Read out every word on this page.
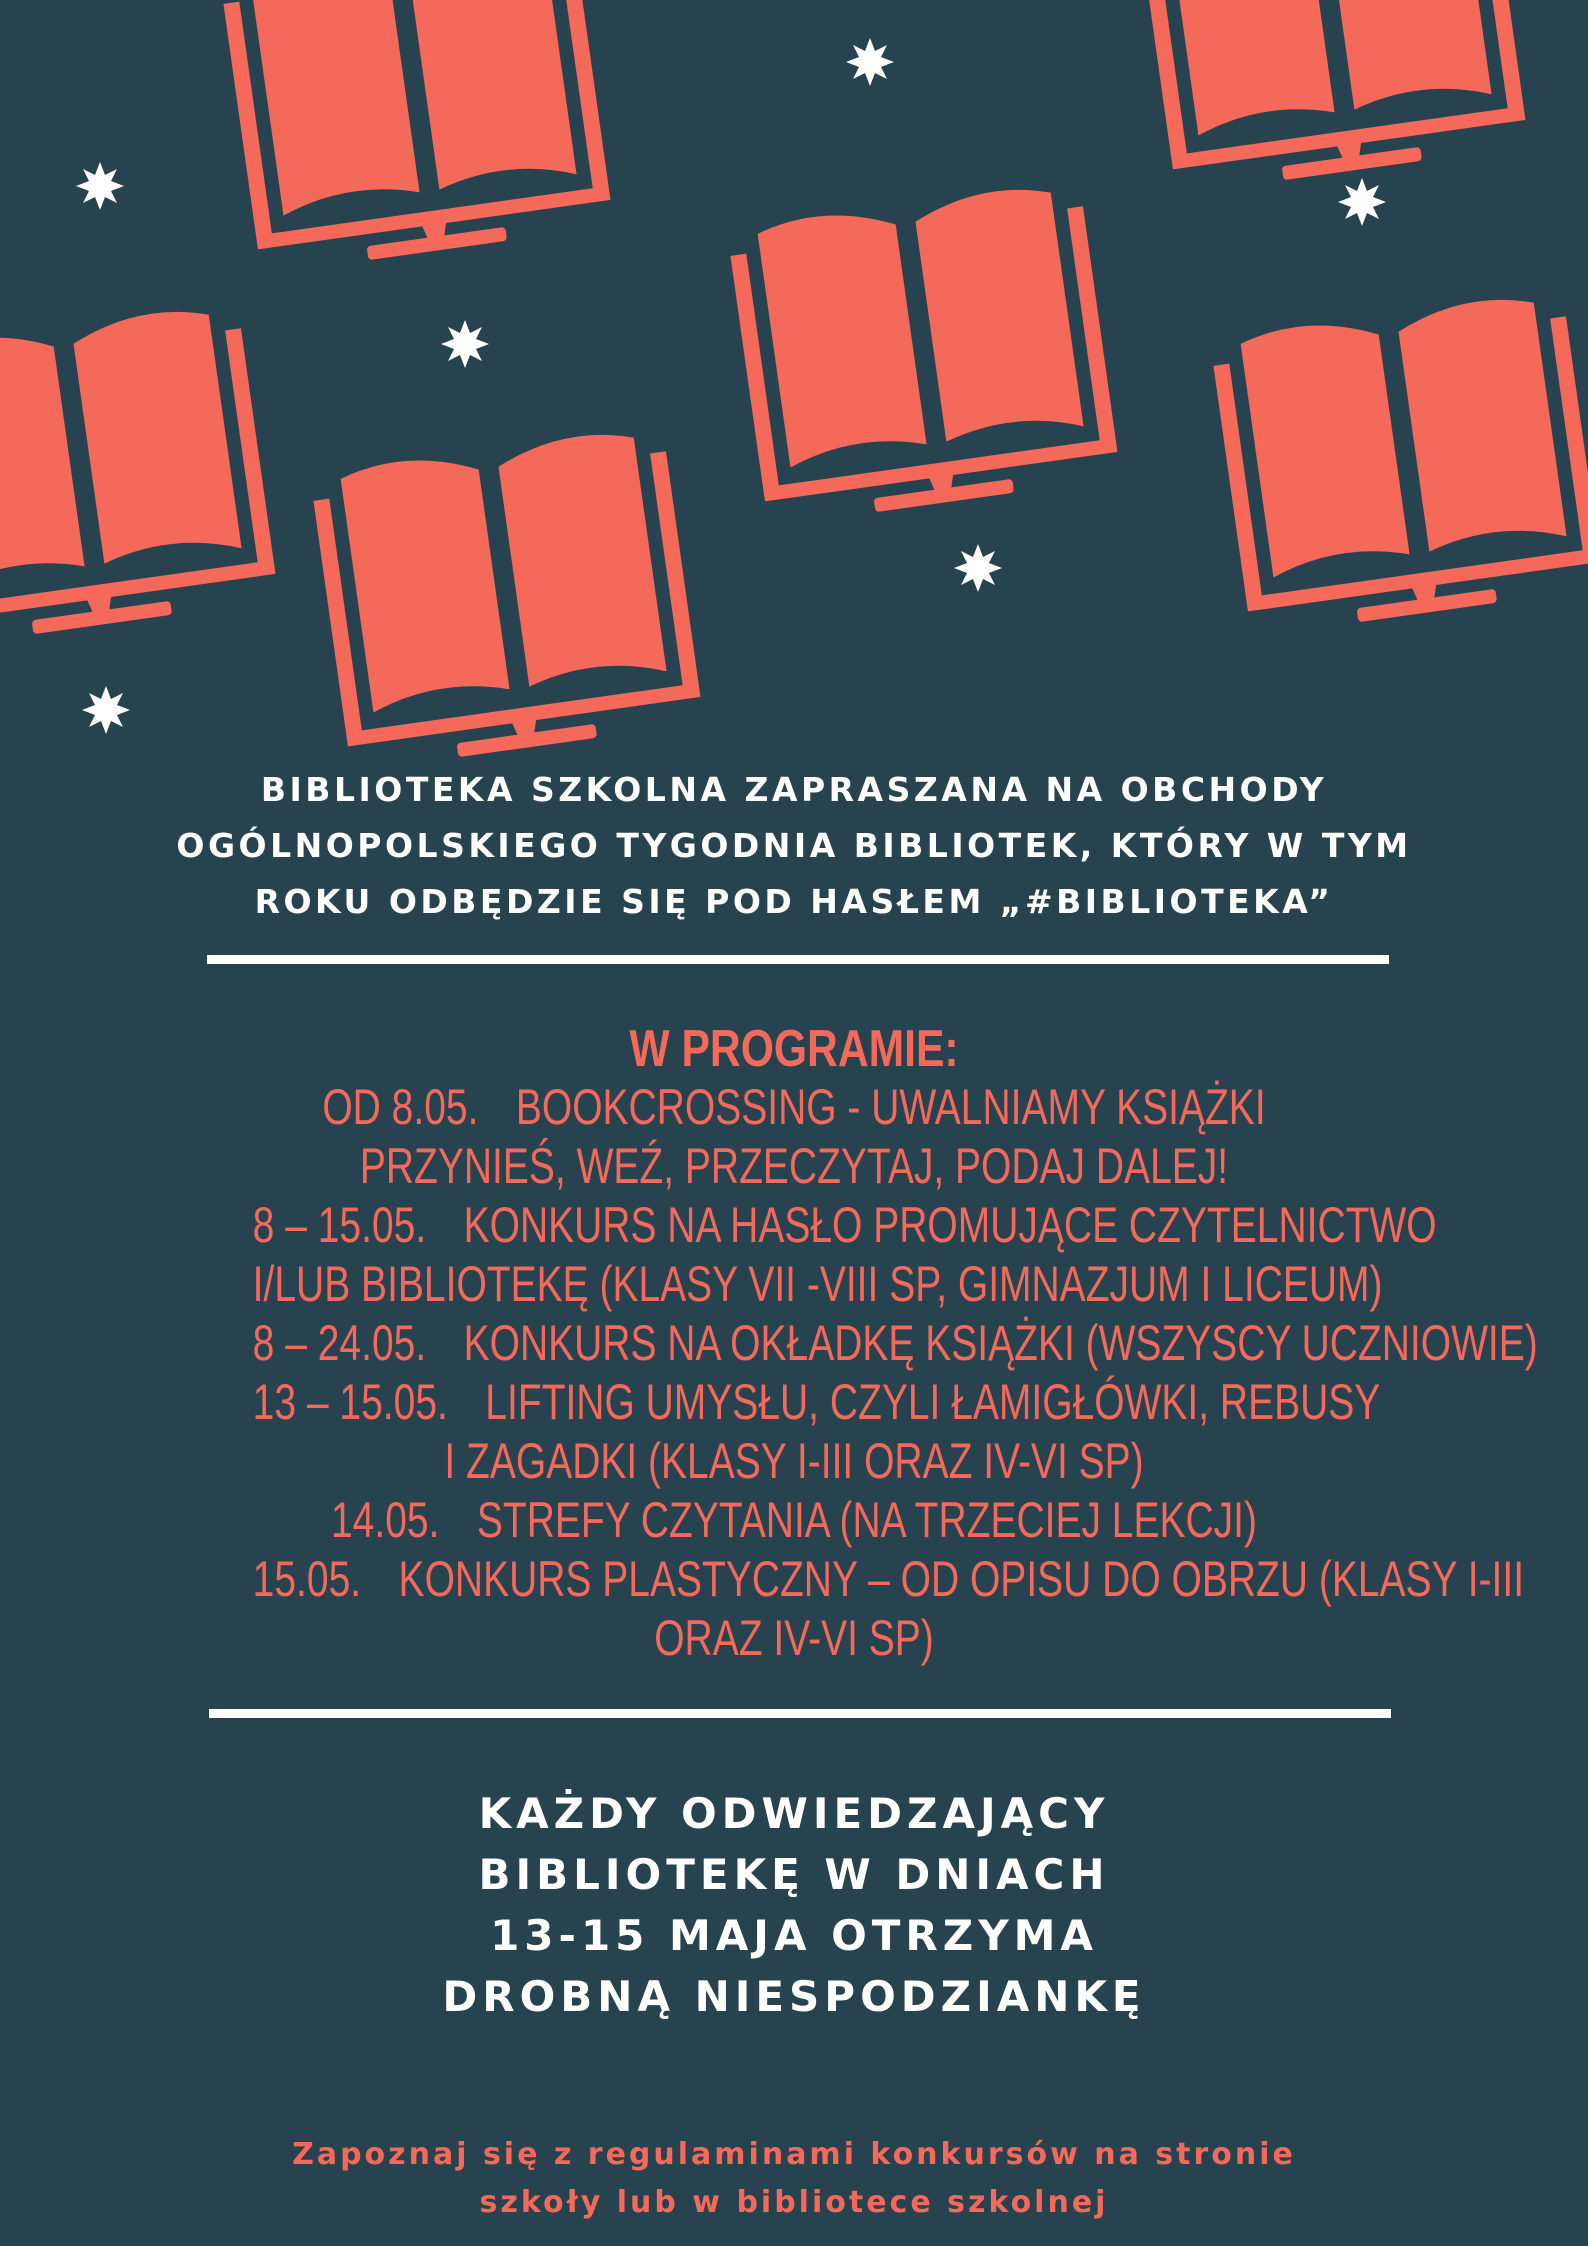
BIBLIOTEKA SZKOLNA ZAPRASZANA NA OBCHODY
OGÓLNOPOLSKIEGO TYGODNIA BIBLIOTEK, KTÓRY W TYM
ROKU ODBĘDZIE SIĘ POD HASŁEM „#BIBLIOTEKA”
W PROGRAMIE:
OD 8.05. BOOKCROSSING - UWALNIAMY KSIĄŻKI
PRZYNIEŚ, WEŹ, PRZECZYTAJ, PODAJ DALEJ!
8 – 15.05. KONKURS NA HASŁO PROMUJĄCE CZYTELNICTWO
I/LUB BIBLIOTEKĘ (KLASY VII -VIII SP, GIMNAZJUM I LICEUM)
8 – 24.05. KONKURS NA OKŁADKĘ KSIĄŻKI (WSZYSCY UCZNIOWIE)
13 – 15.05. LIFTING UMYSŁU, CZYLI ŁAMIGŁÓWKI, REBUSY
I ZAGADKI (KLASY I-III ORAZ IV-VI SP)
14.05. STREFY CZYTANIA (NA TRZECIEJ LEKCJI)
15.05. KONKURS PLASTYCZNY – OD OPISU DO OBRZU (KLASY I-III
ORAZ IV-VI SP)
KAŻDY ODWIEDZAJĄCY
BIBLIOTEKĘ W DNIACH
13-15 MAJA OTRZYMA
DROBNĄ NIESPODZIANKĘ
Zapoznaj się z regulaminami konkursów na stronie
szkoły lub w bibliotece szkolnej
